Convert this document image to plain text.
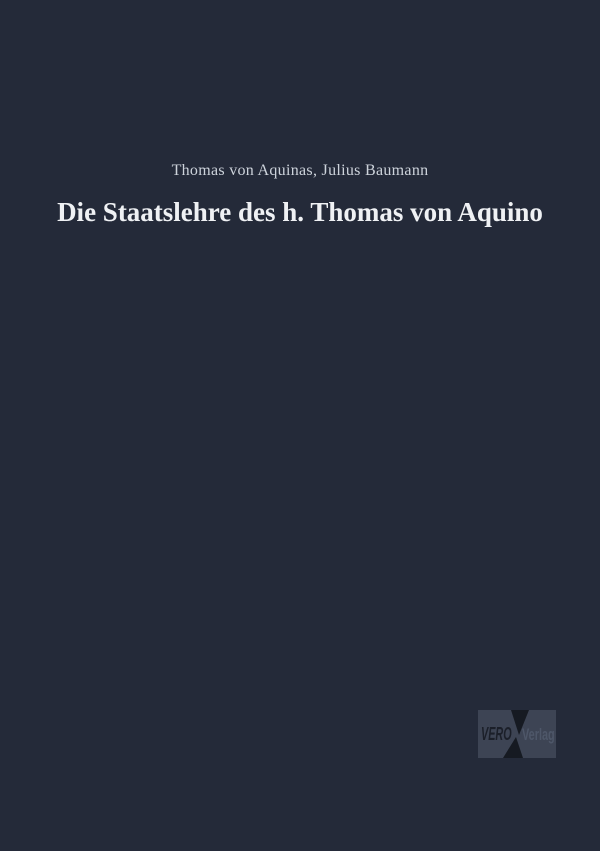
Thomas von Aquinas, Julius Baumann
Die Staatslehre des h. Thomas von Aquino
VERO Verlag
